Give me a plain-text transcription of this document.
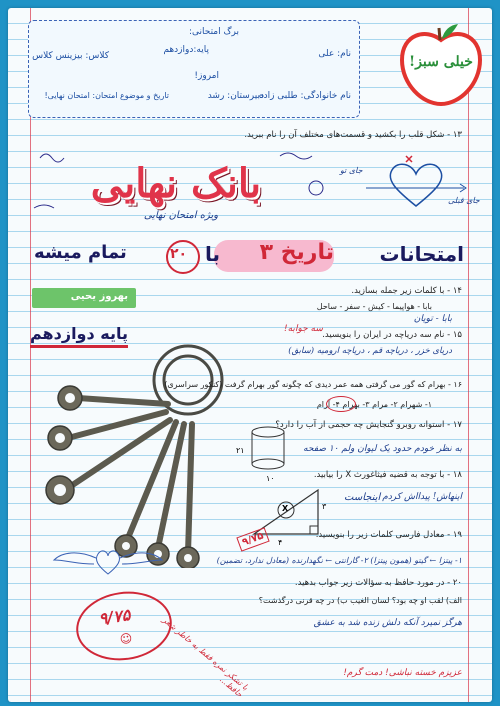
خیلی سبز!
برگ امتحانی:
نام: علی
پایه:دوازدهم
کلاس: بیزینس کلاس
امروز!
نام خانوادگی: طلبی زاده
دبیرستان: رشد
تاریخ و موضوع امتحان: امتحان نهایی!
۱۳ - شکل قلب را بکشید و قسمت‌های مختلف آن را نام ببرید.
بانک نهایی
ویژه امتحان نهایی
جای تو
جای قبلی
امتحانات
تاریخ ۳
با
۲۰
تمام میشه
بهروز یحیی
پایه دوازدهم
۱۴ - با کلمات زیر جمله بسازید.
بابا - هواپیما - کیش - سفر - ساحل
بابا - تویان
۱۵ - نام سه دریاچه در ایران را بنویسید.
دریای خزر ، دریاچه قم ، دریاچه ارومیه (سابق)
سه جوابه!
۱۶ - بهرام که گور می گرفتی همه عمر دیدی که چگونه گور بهرام گرفت (کنکور سراسری)
۱- شهرام ۲- مرام ۳- بهرام ۴- آرام
۱۷ - استوانه روبرو گنجایش چه حجمی از آب را دارد؟
به نظر خودم حدود یک لیوان ولم ۱۰ صفحه
۲۱
۱۰	۱۸ - با توجه به قضیه فیثاغورث X را بیابید.
X	۳
۴
اینجاست اینهاش! پیدااش کردم
۹/۷۵	۱۹ - معادل فارسی کلمات زیر را بنویسید.
۱- پیتزا ← گیتو (همون پیتزا) ۲- گارانتی ← نگهدارنده (معادل ندارد، تضمین)
۲۰ - در مورد حافظ به سؤالات زیر جواب بدهید.
الف) لقب او چه بود؟ لسان الغیب ب) در چه قرنی درگذشت؟
هرگز نمیرد آنکه دلش زنده شد به عشق
۹/۷۵
☺	با تشکر نمره فقط به خاطر شعر حافظ...
عزیزم خسته نباشی! دمت گرم!
